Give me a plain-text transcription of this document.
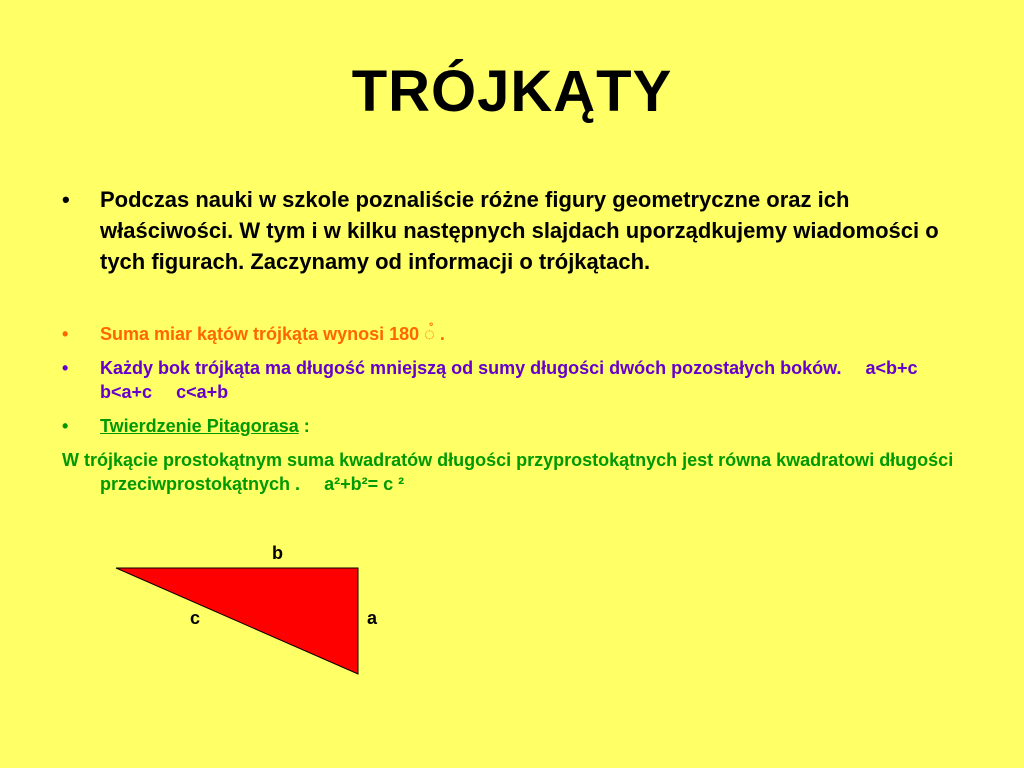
TRÓJKĄTY
• Podczas nauki w szkole poznaliście różne figury geometryczne oraz ich właściwości. W tym i w kilku następnych slajdach uporządkujemy wiadomości o tych figurach. Zaczynamy od informacji o trójkątach.
• Suma miar kątów trójkąta wynosi 180 ◌̊ .
• Każdy bok trójkąta ma długość mniejszą od sumy długości dwóch pozostałych boków. a<b+c  b<a+c c<a+b
• Twierdzenie Pitagorasa :
W trójkącie prostokątnym suma kwadratów długości przyprostokątnych jest równa kwadratowi długości przeciwprostokątnych . a²+b²= c ²
b
a
c
